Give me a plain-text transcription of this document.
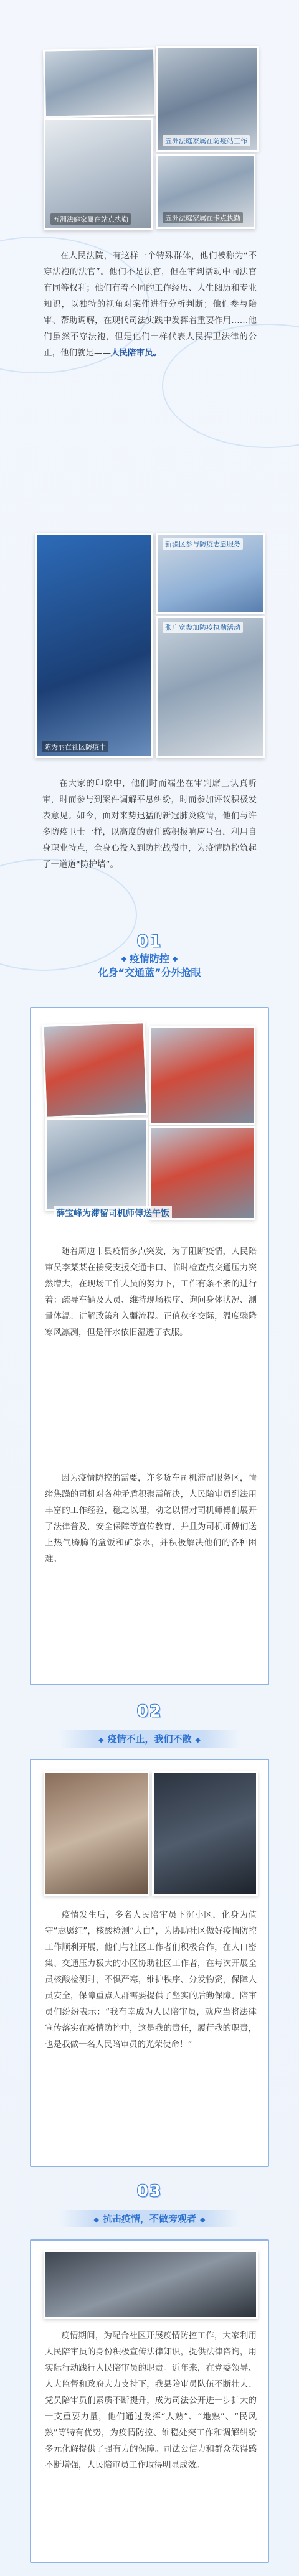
五洲法庭家属在防疫站工作
五洲法庭家属在站点执勤	五洲法庭家属在卡点执勤
在人民法院，有这样一个特殊群体，他们被称为“不穿法袍的法官”。他们不是法官，但在审判活动中同法官有同等权利；他们有着不同的工作经历、人生阅历和专业知识，以独特的视角对案件进行分析判断；他们参与陪审、帮助调解，在现代司法实践中发挥着重要作用……他们虽然不穿法袍，但是他们一样代表人民捍卫法律的公正，他们就是——人民陪审员。
陈秀丽在社区防疫中
新疆区参与防疫志愿服务
张广宽参加防疫执勤活动
在大家的印象中，他们时而端坐在审判席上认真听审，时而参与到案件调解平息纠纷，时而参加评议积极发表意见。如今，面对来势迅猛的新冠肺炎疫情，他们与许多防疫卫士一样，以高度的责任感积极响应号召，利用自身职业特点，全身心投入到防控战役中，为疫情防控筑起了一道道“防护墙”。
01
疫情防控
化身“交通蓝”分外抢眼
薛宝峰为滞留司机师傅送午饭
随着周边市县疫情多点突发，为了阻断疫情，人民陪审员李某某在接受支援交通卡口、临时检查点交通压力突然增大，在现场工作人员的努力下，工作有条不紊的进行着：疏导车辆及人员、维持现场秩序、询问身体状况、测量体温、讲解政策和入疆流程。正值秋冬交际，温度骤降寒风凛冽，但是汗水依旧湿透了衣服。
因为疫情防控的需要，许多货车司机滞留服务区，情绪焦躁的司机对各种矛盾积聚需解决，人民陪审员到法用丰富的工作经验，稳之以理，动之以情对司机师傅们展开了法律普及，安全保障等宣传教育，并且为司机师傅们送上热气腾腾的盒饭和矿泉水，并积极解决他们的各种困难。
02
◆ 疫情不止，我们不散 ◆
疫情发生后，多名人民陪审员下沉小区，化身为值守“志愿红”，核酸检测“大白”，为协助社区做好疫情防控工作顺利开展，他们与社区工作者们积极合作，在人口密集、交通压力极大的小区协助社区工作者，在每次开展全员核酸检测时，不惧严寒，维护秩序、分发物资，保障人员安全，保障重点人群需要提供了坚实的后勤保障。陪审员们纷纷表示：“我有幸成为人民陪审员，就应当将法律宣传落实在疫情防控中，这是我的责任，履行我的职责，也是我做一名人民陪审员的光荣使命！”
03
◆ 抗击疫情，不做旁观者 ◆
疫情期间，为配合社区开展疫情防控工作，大家利用人民陪审员的身份积极宣传法律知识，提供法律咨询，用实际行动践行人民陪审员的职责。近年来，在党委领导、人大监督和政府大力支持下，我县陪审员队伍不断壮大、党员陪审员们素质不断提升，成为司法公开进一步扩大的一支重要力量，他们通过发挥“人熟”、“地熟”、“民风熟”等特有优势，为疫情防控、维稳处突工作和调解纠纷多元化解提供了强有力的保障。司法公信力和群众获得感不断增强，人民陪审员工作取得明显成效。
